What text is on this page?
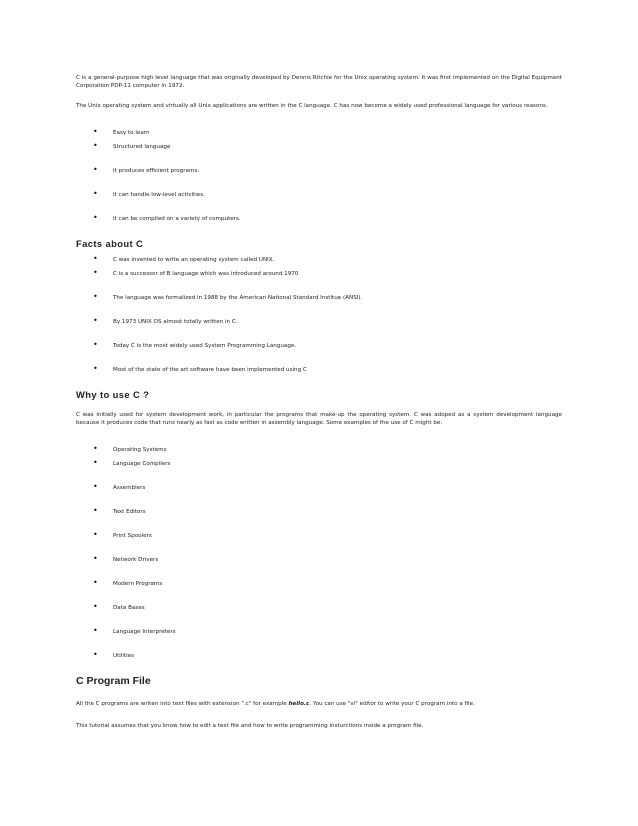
C is a general-purpose high level language that was originally developed by Dennis Ritchie for the Unix operating system. It was first implemented on the Digital Equipment Corporation PDP-11 computer in 1972.

The Unix operating system and virtually all Unix applications are written in the C language. C has now become a widely used professional language for various reasons.

•	Easy to learn
•	Structured language
•	It produces efficient programs.
•	It can handle low-level activities.
•	It can be compiled on a variety of computers.
Facts about C
•	C was invented to write an operating system called UNIX.
•	C is a successor of B language which was introduced around 1970
•	The language was formalized in 1988 by the American National Standard Institue (ANSI).
•	By 1973 UNIX OS almost totally written in C.
•	Today C is the most widely used System Programming Language.
•	Most of the state of the art software have been implemented using C
Why to use C ?

C was initially used for system development work, in particular the programs that make-up the operating system. C was adoped as a system development language because it produces code that runs nearly as fast as code written in assembly language. Some examples of the use of C might be:

•	Operating Systems
•	Language Compilers
•	Assemblers
•	Text Editors
•	Print Spoolers
•	Network Drivers
•	Modern Programs
•	Data Bases
•	Language Interpreters
•	Utilities
C Program File

All the C programs are writen into text files with extension ".c" for example hello.c. You can use "vi" editor to write your C program into a file.

This tutorial assumes that you know how to edit a text file and how to write programming insturctions inside a program file.
